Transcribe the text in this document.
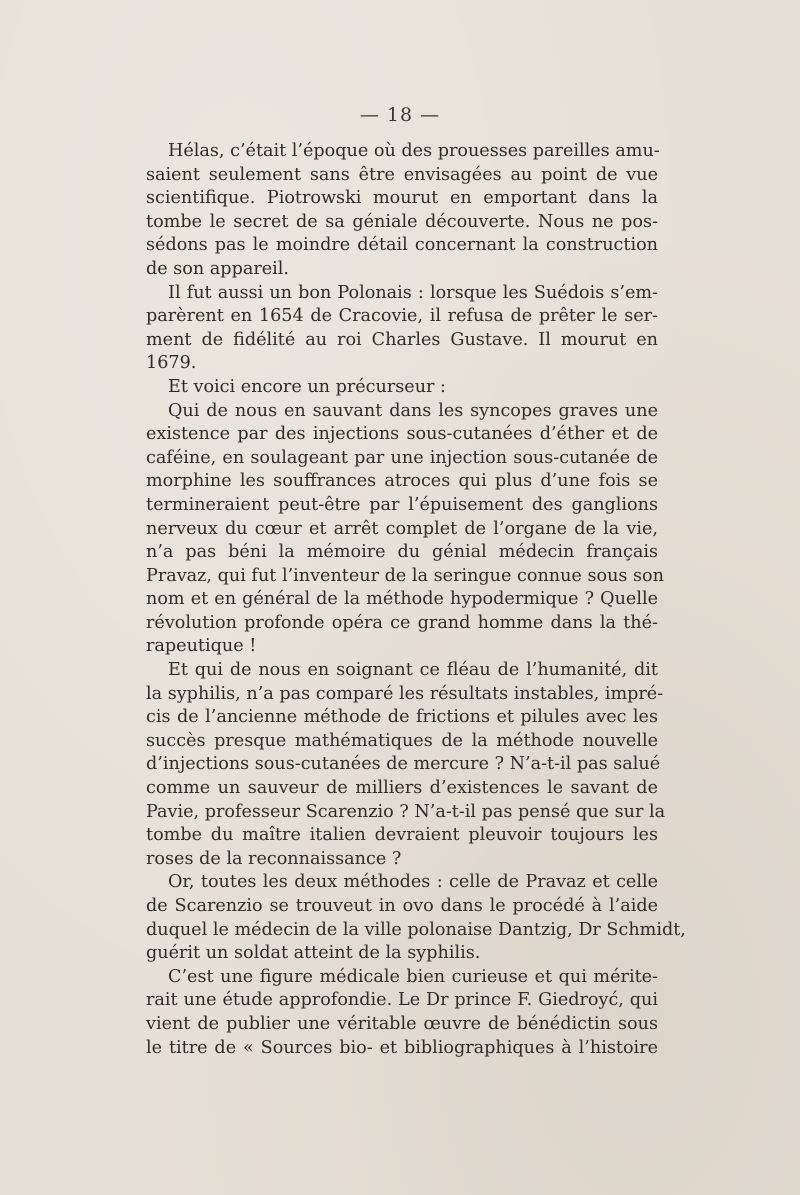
— 18 —
Hélas, c’était l’époque où des prouesses pareilles amu-
saient seulement sans être envisagées au point de vue
scientifique. Piotrowski mourut en emportant dans la
tombe le secret de sa géniale découverte. Nous ne pos-
sédons pas le moindre détail concernant la construction
de son appareil.
Il fut aussi un bon Polonais : lorsque les Suédois s’em-
parèrent en 1654 de Cracovie, il refusa de prêter le ser-
ment de fidélité au roi Charles Gustave. Il mourut en
1679.
Et voici encore un précurseur :
Qui de nous en sauvant dans les syncopes graves une
existence par des injections sous-cutanées d’éther et de
caféine, en soulageant par une injection sous-cutanée de
morphine les souffrances atroces qui plus d’une fois se
termineraient peut-être par l’épuisement des ganglions
nerveux du cœur et arrêt complet de l’organe de la vie,
n’a pas béni la mémoire du génial médecin français
Pravaz, qui fut l’inventeur de la seringue connue sous son
nom et en général de la méthode hypodermique ? Quelle
révolution profonde opéra ce grand homme dans la thé-
rapeutique !
Et qui de nous en soignant ce fléau de l’humanité, dit
la syphilis, n’a pas comparé les résultats instables, impré-
cis de l’ancienne méthode de frictions et pilules avec les
succès presque mathématiques de la méthode nouvelle
d’injections sous-cutanées de mercure ? N’a-t-il pas salué
comme un sauveur de milliers d’existences le savant de
Pavie, professeur Scarenzio ? N’a-t-il pas pensé que sur la
tombe du maître italien devraient pleuvoir toujours les
roses de la reconnaissance ?
Or, toutes les deux méthodes : celle de Pravaz et celle
de Scarenzio se trouveut in ovo dans le procédé à l’aide
duquel le médecin de la ville polonaise Dantzig, Dr Schmidt,
guérit un soldat atteint de la syphilis.
C’est une figure médicale bien curieuse et qui mérite-
rait une étude approfondie. Le Dr prince F. Giedroyć, qui
vient de publier une véritable œuvre de bénédictin sous
le titre de « Sources bio- et bibliographiques à l’histoire
